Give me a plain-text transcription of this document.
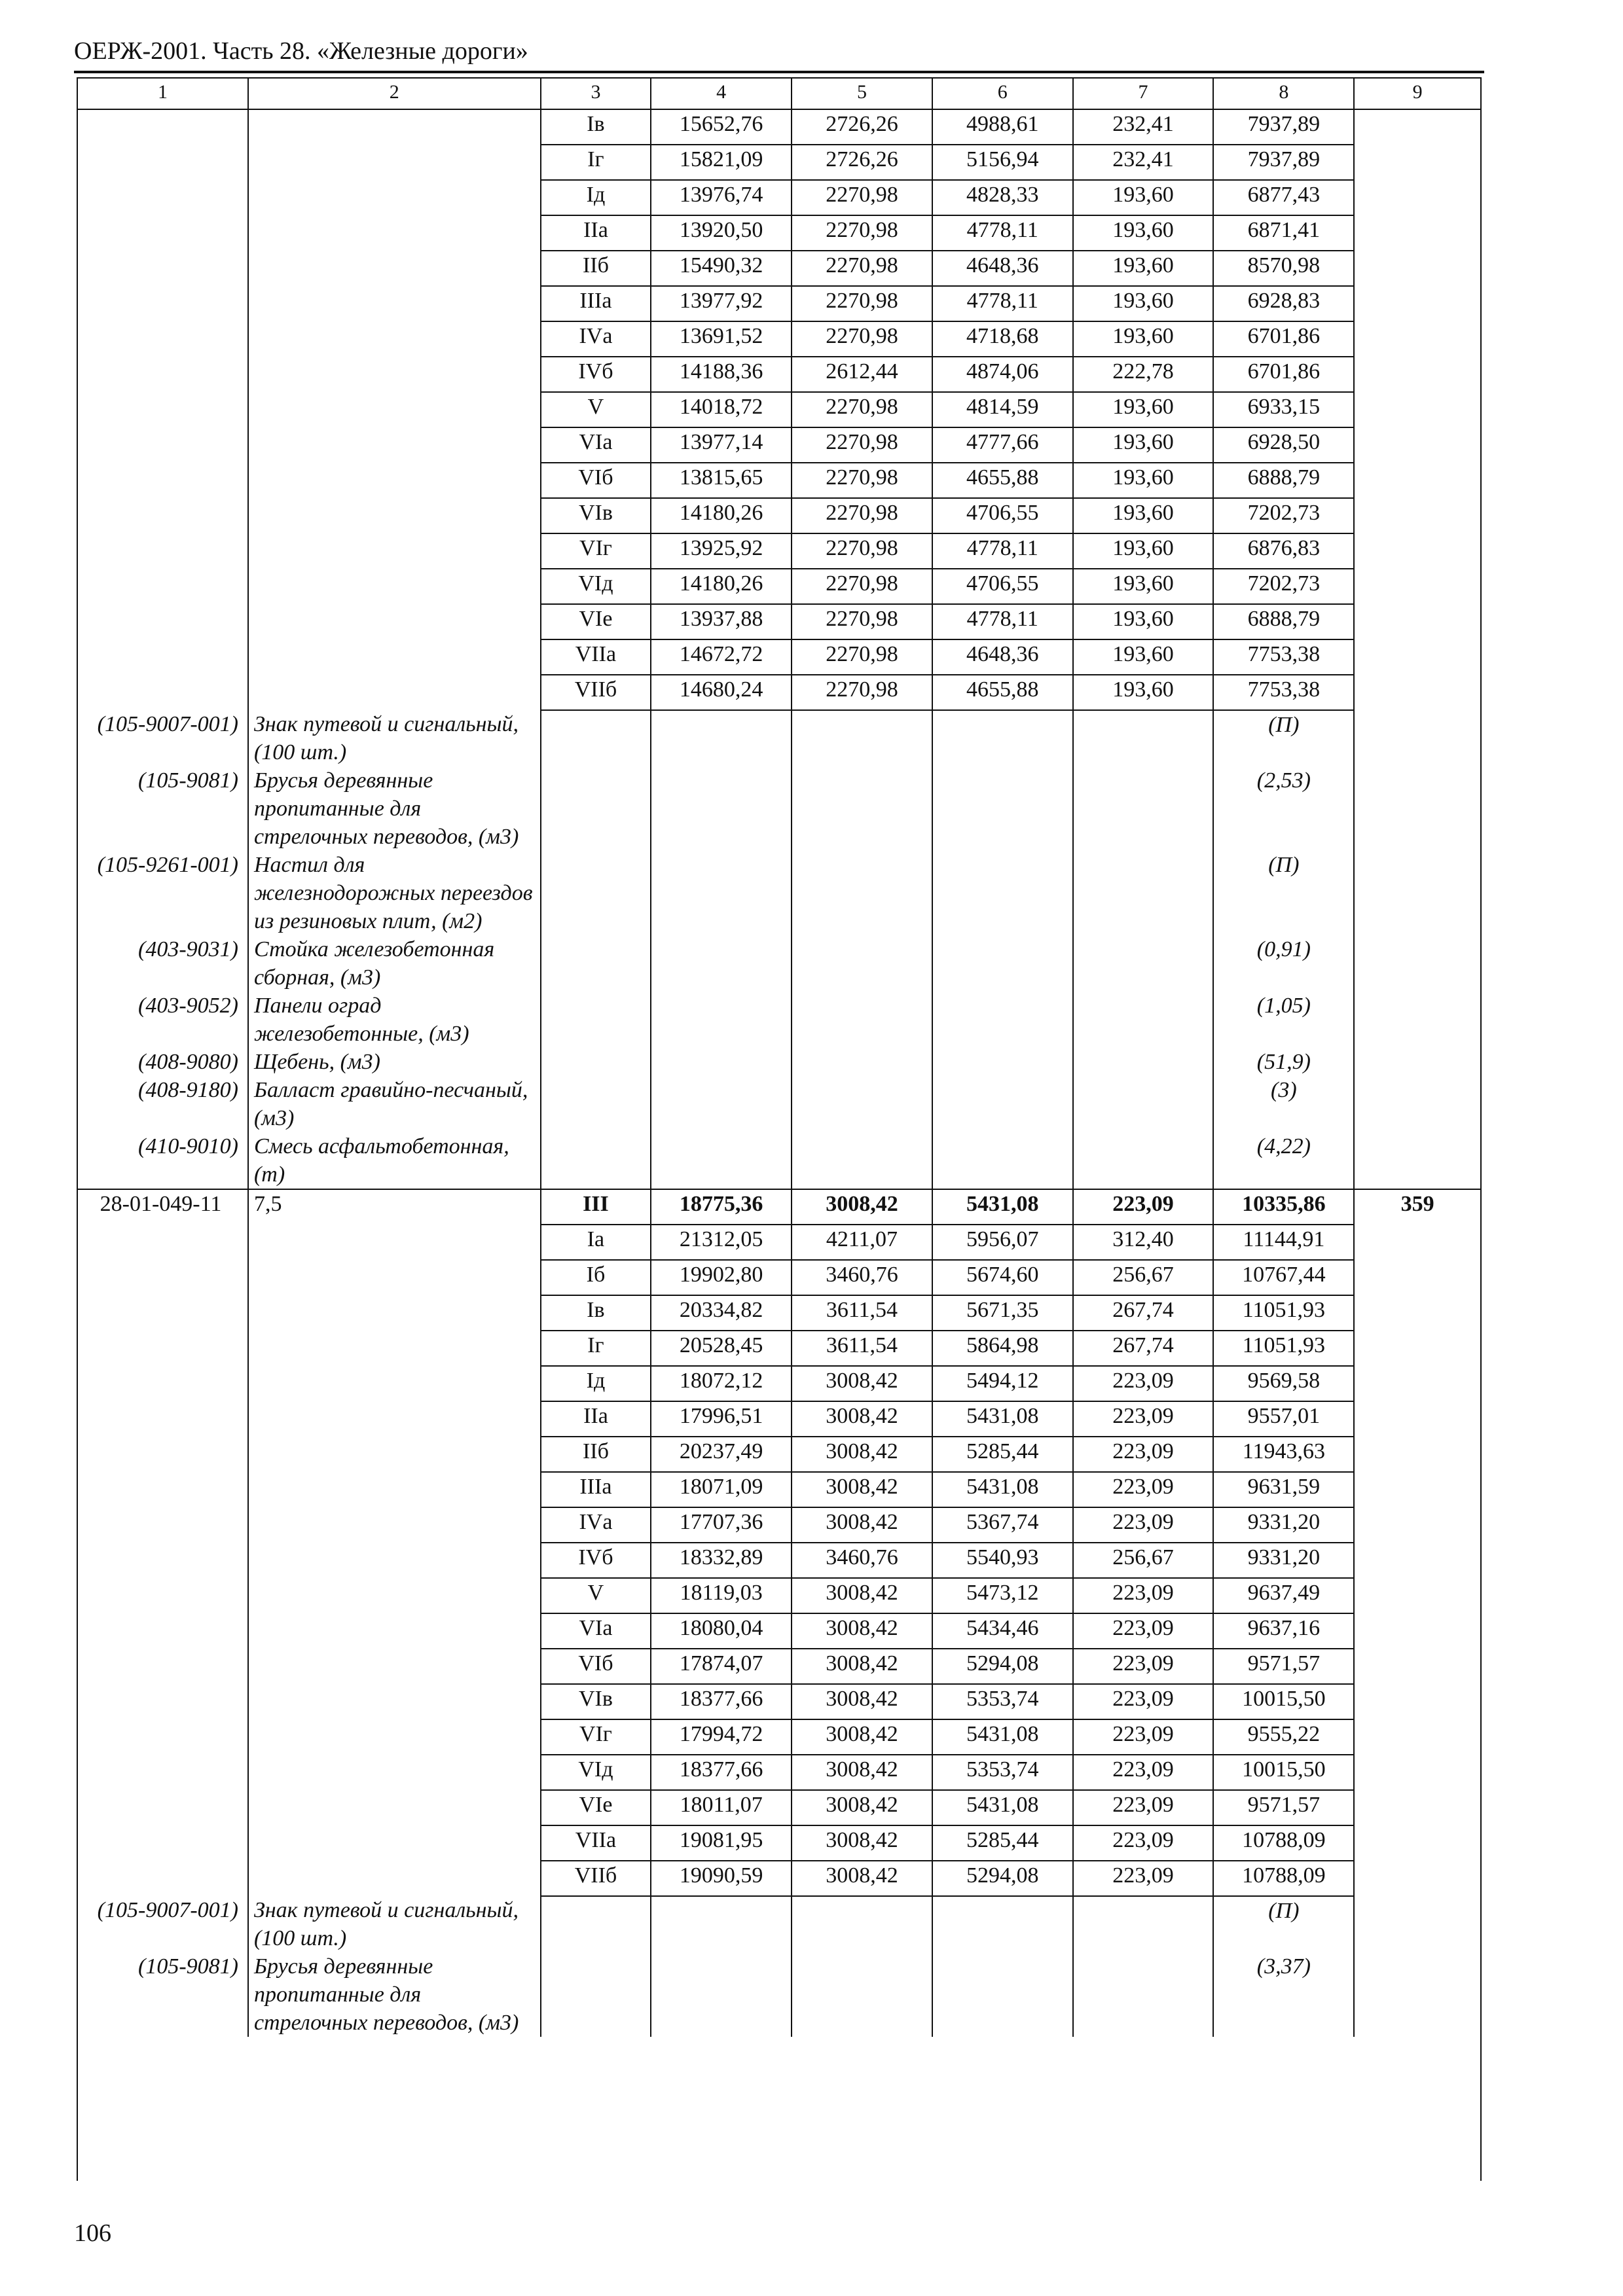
ОЕРЖ-2001. Часть 28. «Железные дороги»
1	2	3	4	5	6	7	8	9
		Iв	15652,76	2726,26	4988,61	232,41	7937,89	
		Iг	15821,09	2726,26	5156,94	232,41	7937,89	
		Iд	13976,74	2270,98	4828,33	193,60	6877,43	
		IIа	13920,50	2270,98	4778,11	193,60	6871,41	
		IIб	15490,32	2270,98	4648,36	193,60	8570,98	
		IIIа	13977,92	2270,98	4778,11	193,60	6928,83	
		IVа	13691,52	2270,98	4718,68	193,60	6701,86	
		IVб	14188,36	2612,44	4874,06	222,78	6701,86	
		V	14018,72	2270,98	4814,59	193,60	6933,15	
		VIа	13977,14	2270,98	4777,66	193,60	6928,50	
		VIб	13815,65	2270,98	4655,88	193,60	6888,79	
		VIв	14180,26	2270,98	4706,55	193,60	7202,73	
		VIг	13925,92	2270,98	4778,11	193,60	6876,83	
		VIд	14180,26	2270,98	4706,55	193,60	7202,73	
		VIе	13937,88	2270,98	4778,11	193,60	6888,79	
		VIIа	14672,72	2270,98	4648,36	193,60	7753,38	
		VIIб	14680,24	2270,98	4655,88	193,60	7753,38	
(105-9007-001)	Знак путевой и сигнальный, (100 шт.)						(П)	
(105-9081)	Брусья деревянные пропитанные для стрелочных переводов, (м3)						(2,53)	
(105-9261-001)	Настил для железнодорожных переездов из резиновых плит, (м2)						(П)	
(403-9031)	Стойка железобетонная сборная, (м3)						(0,91)	
(403-9052)	Панели оград железобетонные, (м3)						(1,05)	
(408-9080)	Щебень, (м3)						(51,9)	
(408-9180)	Балласт гравийно-песчаный, (м3)						(3)	
(410-9010)	Смесь асфальтобетонная, (т)						(4,22)	
28-01-049-11	7,5	III	18775,36	3008,42	5431,08	223,09	10335,86	359
		Iа	21312,05	4211,07	5956,07	312,40	11144,91	
		Iб	19902,80	3460,76	5674,60	256,67	10767,44	
		Iв	20334,82	3611,54	5671,35	267,74	11051,93	
		Iг	20528,45	3611,54	5864,98	267,74	11051,93	
		Iд	18072,12	3008,42	5494,12	223,09	9569,58	
		IIа	17996,51	3008,42	5431,08	223,09	9557,01	
		IIб	20237,49	3008,42	5285,44	223,09	11943,63	
		IIIа	18071,09	3008,42	5431,08	223,09	9631,59	
		IVа	17707,36	3008,42	5367,74	223,09	9331,20	
		IVб	18332,89	3460,76	5540,93	256,67	9331,20	
		V	18119,03	3008,42	5473,12	223,09	9637,49	
		VIа	18080,04	3008,42	5434,46	223,09	9637,16	
		VIб	17874,07	3008,42	5294,08	223,09	9571,57	
		VIв	18377,66	3008,42	5353,74	223,09	10015,50	
		VIг	17994,72	3008,42	5431,08	223,09	9555,22	
		VIд	18377,66	3008,42	5353,74	223,09	10015,50	
		VIе	18011,07	3008,42	5431,08	223,09	9571,57	
		VIIа	19081,95	3008,42	5285,44	223,09	10788,09	
		VIIб	19090,59	3008,42	5294,08	223,09	10788,09	
(105-9007-001)	Знак путевой и сигнальный, (100 шт.)						(П)	
(105-9081)	Брусья деревянные пропитанные для стрелочных переводов, (м3)						(3,37)	
106
